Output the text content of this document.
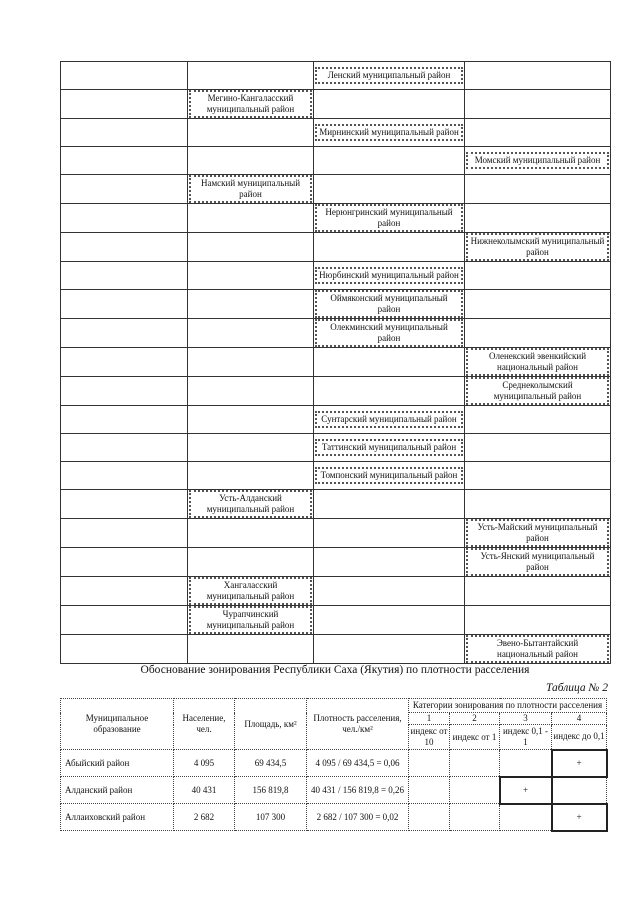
		Ленский муниципальный район	

	Мегино-Кангаласский муниципальный район		

		Мирнинский муниципальный район	

			Момский муниципальный район

	Намский муниципальный район		

		Нерюнгринский муниципальный район	

			Нижнеколымский муниципальный район

		Нюрбинский муниципальный район	

		Оймяконский муниципальный район	

		Олекминский муниципальный район	

			Оленекский эвенкийский национальный район

			Среднеколымский муниципальный район

		Сунтарский муниципальный район	

		Таттинский муниципальный район	

		Томпонский муниципальный район	

	Усть-Алданский муниципальный район		

			Усть-Майский муниципальный район

			Усть-Янский муниципальный район

	Хангаласский муниципальный район		

	Чурапчинский муниципальный район		

			Эвено-Бытантайский национальный район
Обоснование зонирования Республики Саха (Якутия) по плотности расселения
Таблица № 2
Муниципальное образование	Население, чел.	Площадь, км²	Плотность расселения, чел./км²	Категории зонирования по плотности расселения			
				1	2	3	4
				индекс от 10	индекс от 1	индекс 0,1 - 1	индекс до 0,1
Абыйский район	4 095	69 434,5	4 095 / 69 434,5 = 0,06				+
Алданский район	40 431	156 819,8	40 431 / 156 819,8 = 0,26			+	
Аллаиховский район	2 682	107 300	2 682 / 107 300 = 0,02				+
